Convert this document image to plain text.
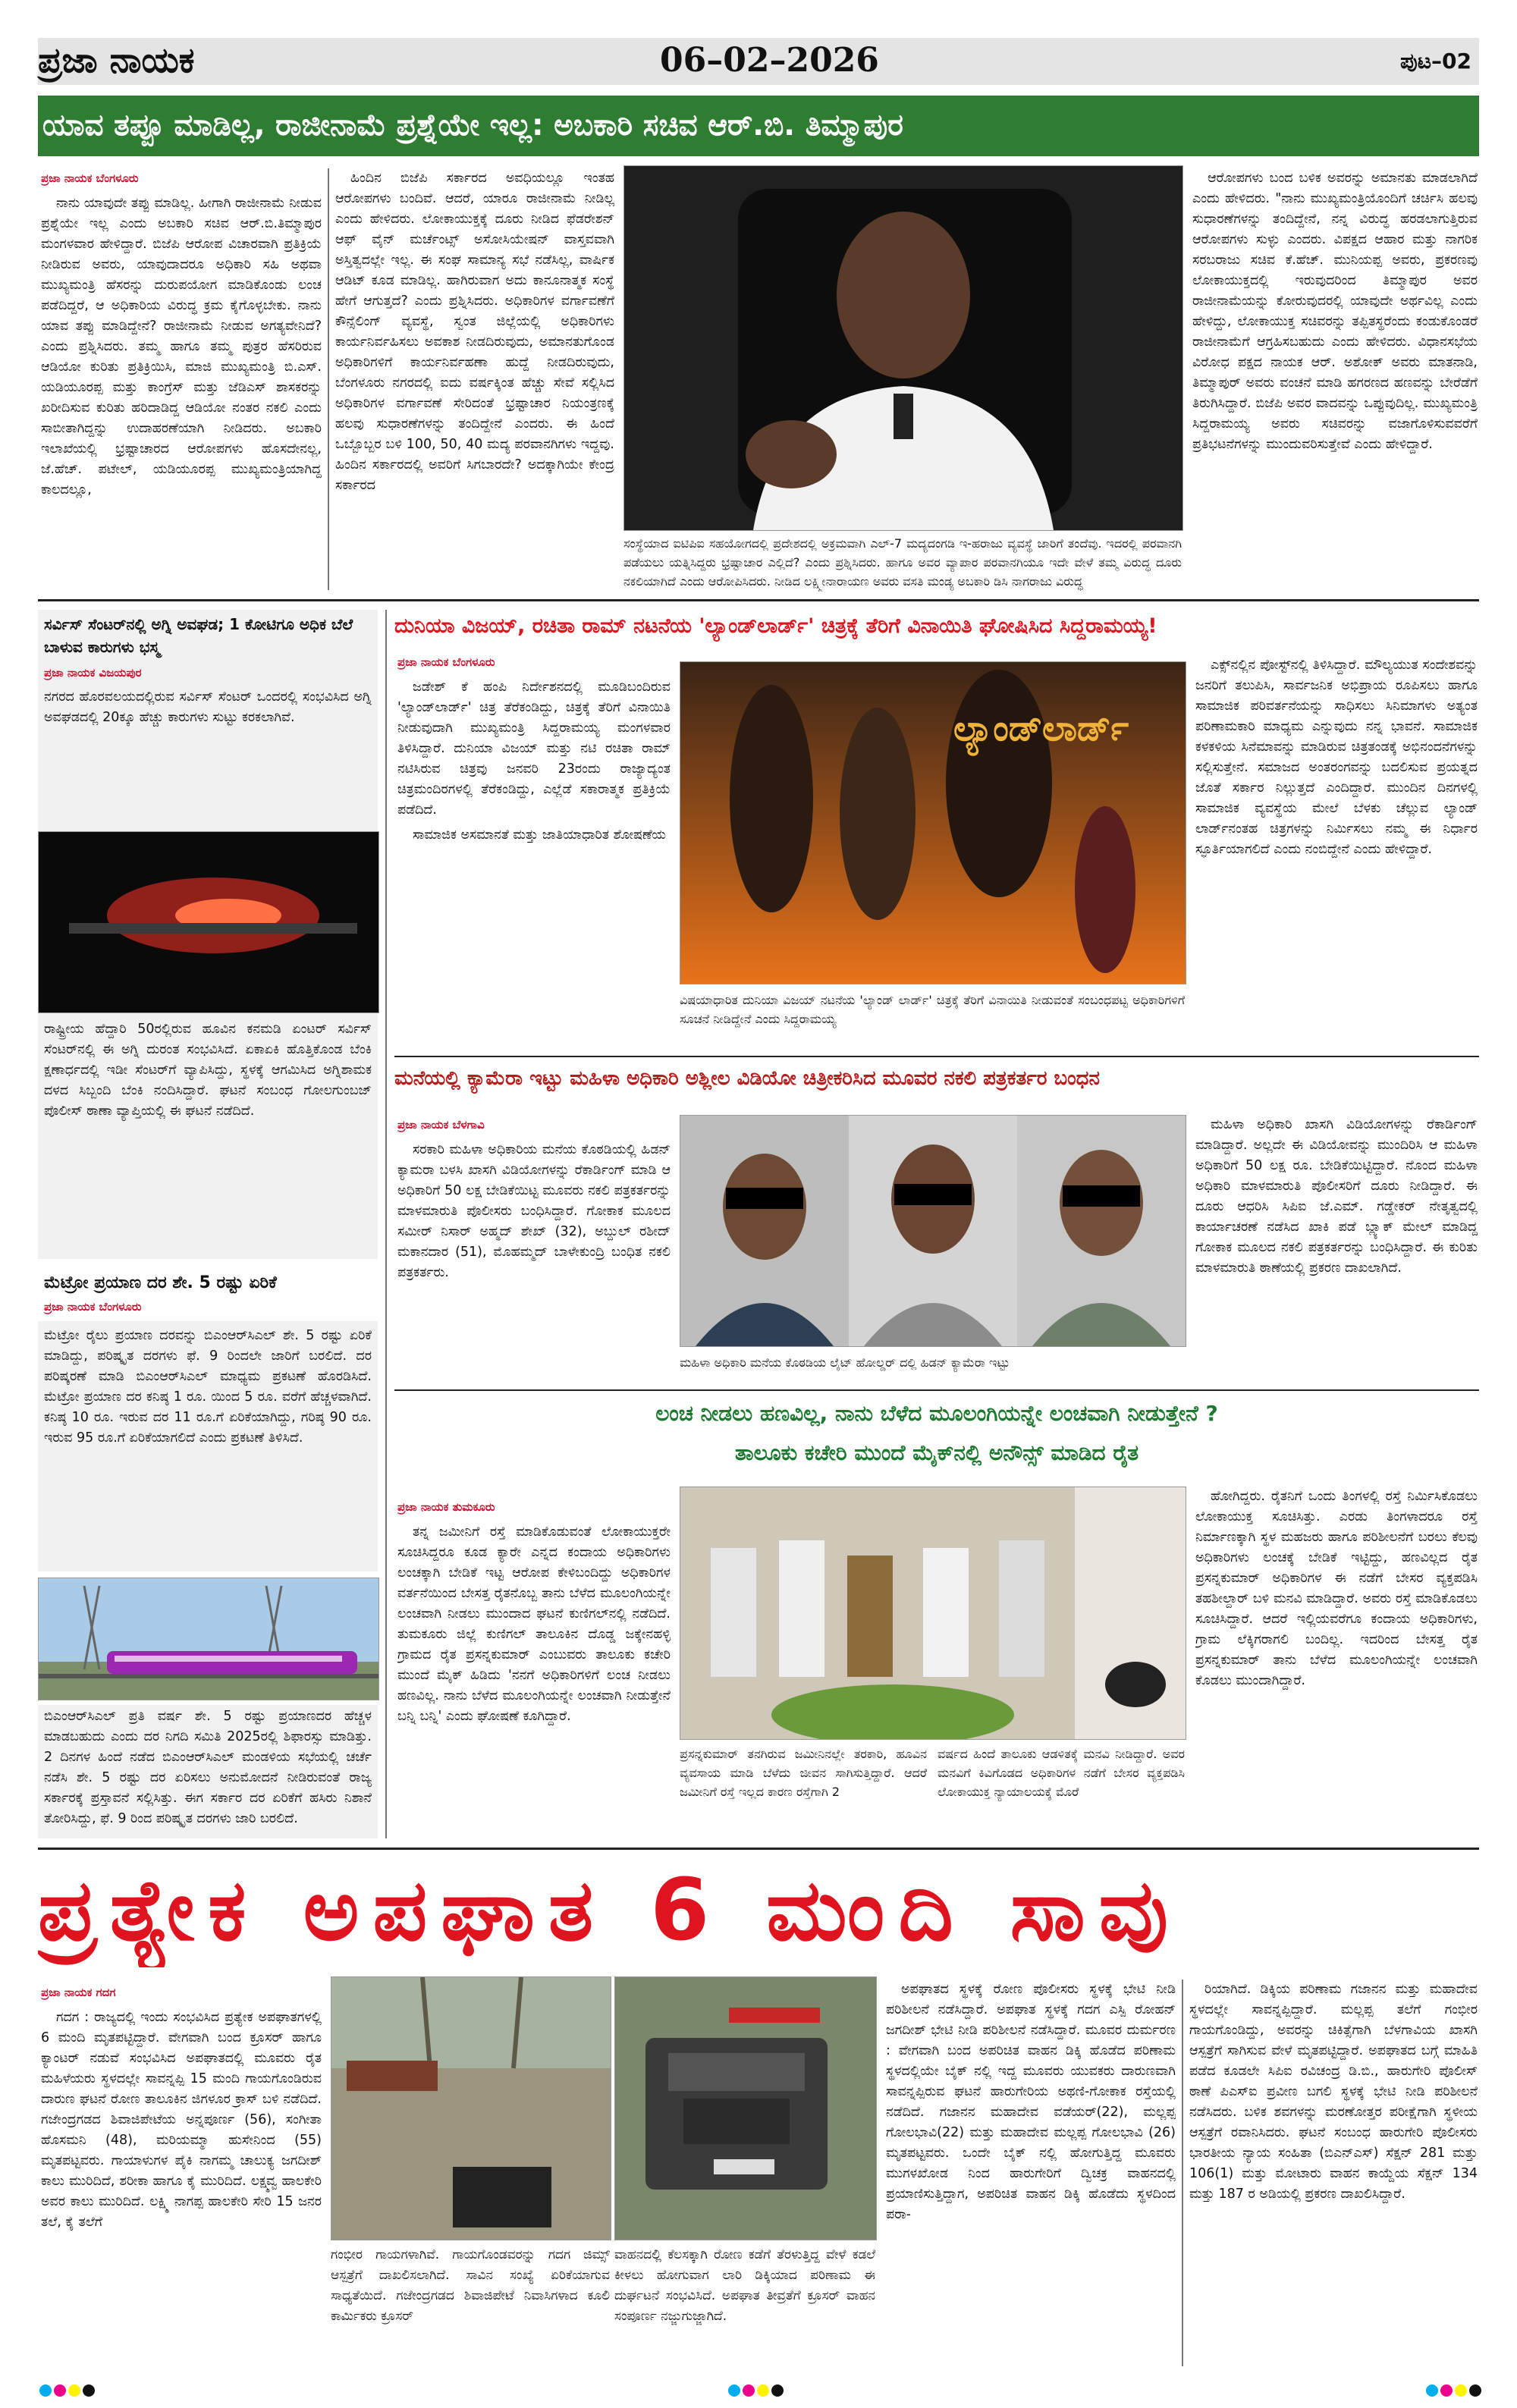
ಪ್ರಜಾ ನಾಯಕ	06–02–2026	ಪುಟ–02
ಯಾವ ತಪ್ಪೂ ಮಾಡಿಲ್ಲ, ರಾಜೀನಾಮೆ ಪ್ರಶ್ನೆಯೇ ಇಲ್ಲ: ಅಬಕಾರಿ ಸಚಿವ ಆರ್.ಬಿ. ತಿಮ್ಮಾಪುರ
ಪ್ರಜಾ ನಾಯಕ ಬೆಂಗಳೂರು

ನಾನು ಯಾವುದೇ ತಪ್ಪು ಮಾಡಿಲ್ಲ. ಹೀಗಾಗಿ ರಾಜೀನಾಮೆ ನೀಡುವ ಪ್ರಶ್ನೆಯೇ ಇಲ್ಲ ಎಂದು ಅಬಕಾರಿ ಸಚಿವ ಆರ್.ಬಿ.ತಿಮ್ಮಾಪುರ ಮಂಗಳವಾರ ಹೇಳಿದ್ದಾರೆ. ಬಿಜೆಪಿ ಆರೋಪ ವಿಚಾರವಾಗಿ ಪ್ರತಿಕ್ರಿಯೆ ನೀಡಿರುವ ಅವರು, ಯಾವುದಾದರೂ ಅಧಿಕಾರಿ ಸಹಿ ಅಥವಾ ಮುಖ್ಯಮಂತ್ರಿ ಹೆಸರನ್ನು ದುರುಪಯೋಗ ಮಾಡಿಕೊಂಡು ಲಂಚ ಪಡೆದಿದ್ದರೆ, ಆ ಅಧಿಕಾರಿಯ ವಿರುದ್ಧ ಕ್ರಮ ಕೈಗೊಳ್ಳಬೇಕು. ನಾನು ಯಾವ ತಪ್ಪು ಮಾಡಿದ್ದೇನೆ? ರಾಜೀನಾಮೆ ನೀಡುವ ಅಗತ್ಯವೇನಿದೆ? ಎಂದು ಪ್ರಶ್ನಿಸಿದರು. ತಮ್ಮ ಹಾಗೂ ತಮ್ಮ ಪುತ್ರರ ಹೆಸರಿರುವ ಆಡಿಯೋ ಕುರಿತು ಪ್ರತಿಕ್ರಿಯಿಸಿ, ಮಾಜಿ ಮುಖ್ಯಮಂತ್ರಿ ಬಿ.ಎಸ್. ಯಡಿಯೂರಪ್ಪ ಮತ್ತು ಕಾಂಗ್ರೆಸ್ ಮತ್ತು ಜೆಡಿಎಸ್ ಶಾಸಕರನ್ನು ಖರೀದಿಸುವ ಕುರಿತು ಹರಿದಾಡಿದ್ದ ಆಡಿಯೋ ನಂತರ ನಕಲಿ ಎಂದು ಸಾಬೀತಾಗಿದ್ದನ್ನು ಉದಾಹರಣೆಯಾಗಿ ನೀಡಿದರು. ಅಬಕಾರಿ ಇಲಾಖೆಯಲ್ಲಿ ಭ್ರಷ್ಟಾಚಾರದ ಆರೋಪಗಳು ಹೊಸದೇನಲ್ಲ, ಜೆ.ಹೆಚ್. ಪಟೇಲ್, ಯಡಿಯೂರಪ್ಪ ಮುಖ್ಯಮಂತ್ರಿಯಾಗಿದ್ದ ಕಾಲದಲ್ಲೂ,

ಹಿಂದಿನ ಬಿಜೆಪಿ ಸರ್ಕಾರದ ಅವಧಿಯಲ್ಲೂ ಇಂತಹ ಆರೋಪಗಳು ಬಂದಿವೆ. ಆದರೆ, ಯಾರೂ ರಾಜೀನಾಮೆ ನೀಡಿಲ್ಲ ಎಂದು ಹೇಳಿದರು. ಲೋಕಾಯುಕ್ತಕ್ಕೆ ದೂರು ನೀಡಿದ ಫೆಡರೇಶನ್ ಆಫ್ ವೈನ್ ಮರ್ಚೆಂಟ್ಸ್ ಅಸೋಸಿಯೇಷನ್ ವಾಸ್ತವವಾಗಿ ಅಸ್ತಿತ್ವದಲ್ಲೇ ಇಲ್ಲ. ಈ ಸಂಘ ಸಾಮಾನ್ಯ ಸಭೆ ನಡೆಸಿಲ್ಲ, ವಾರ್ಷಿಕ ಆಡಿಟ್ ಕೂಡ ಮಾಡಿಲ್ಲ. ಹಾಗಿರುವಾಗ ಅದು ಕಾನೂನಾತ್ಮಕ ಸಂಸ್ಥೆ ಹೇಗೆ ಆಗುತ್ತದೆ? ಎಂದು ಪ್ರಶ್ನಿಸಿದರು. ಅಧಿಕಾರಿಗಳ ವರ್ಗಾವಣೆಗೆ ಕೌನ್ಸೆಲಿಂಗ್ ವ್ಯವಸ್ಥೆ, ಸ್ವಂತ ಜಿಲ್ಲೆಯಲ್ಲಿ ಅಧಿಕಾರಿಗಳು ಕಾರ್ಯನಿರ್ವಹಿಸಲು ಅವಕಾಶ ನೀಡದಿರುವುದು, ಅಮಾನತುಗೊಂಡ ಅಧಿಕಾರಿಗಳಿಗೆ ಕಾರ್ಯನಿರ್ವಹಣಾ ಹುದ್ದೆ ನೀಡದಿರುವುದು, ಬೆಂಗಳೂರು ನಗರದಲ್ಲಿ ಐದು ವರ್ಷಕ್ಕಿಂತ ಹೆಚ್ಚು ಸೇವೆ ಸಲ್ಲಿಸಿದ ಅಧಿಕಾರಿಗಳ ವರ್ಗಾವಣೆ ಸೇರಿದಂತೆ ಭ್ರಷ್ಟಾಚಾರ ನಿಯಂತ್ರಣಕ್ಕೆ ಹಲವು ಸುಧಾರಣೆಗಳನ್ನು ತಂದಿದ್ದೇನೆ ಎಂದರು. ಈ ಹಿಂದೆ ಒಬ್ಬೊಬ್ಬರ ಬಳಿ 100, 50, 40 ಮದ್ಯ ಪರವಾನಗಿಗಳು ಇದ್ದವು. ಹಿಂದಿನ ಸರ್ಕಾರದಲ್ಲಿ ಅವರಿಗೆ ಸಿಗಬಾರದೇ? ಅದಕ್ಕಾಗಿಯೇ ಕೇಂದ್ರ ಸರ್ಕಾರದ

ಸಂಸ್ಥೆಯಾದ ಐಟಿಪಿಐ ಸಹಯೋಗದಲ್ಲಿ ಪ್ರದೇಶದಲ್ಲಿ ಅಕ್ರಮವಾಗಿ ಎಲ್-7 ಮದ್ಯದಂಗಡಿ ಇ-ಹರಾಜು ವ್ಯವಸ್ಥೆ ಜಾರಿಗೆ ತಂದೆವು. ಇದರಲ್ಲಿ ಪರವಾನಗಿ ಪಡೆಯಲು ಯತ್ನಿಸಿದ್ದರು ಭ್ರಷ್ಟಾಚಾರ ಎಲ್ಲಿದೆ? ಎಂದು ಪ್ರಶ್ನಿಸಿದರು. ಹಾಗೂ ಅವರ ವ್ಯಾಪಾರ ಪರವಾನಗಿಯೂ ಇದೇ ವೇಳೆ ತಮ್ಮ ವಿರುದ್ಧ ದೂರು ನಕಲಿಯಾಗಿದೆ ಎಂದು ಆರೋಪಿಸಿದರು. ನೀಡಿದ ಲಕ್ಷ್ಮೀನಾರಾಯಣ ಅವರು ವಸತಿ ಮಂಡ್ಯ ಅಬಕಾರಿ ಡಿಸಿ ನಾಗರಾಜು ವಿರುದ್ಧ

ಆರೋಪಗಳು ಬಂದ ಬಳಿಕ ಅವರನ್ನು ಅಮಾನತು ಮಾಡಲಾಗಿದೆ ಎಂದು ಹೇಳಿದರು. "ನಾನು ಮುಖ್ಯಮಂತ್ರಿಯೊಂದಿಗೆ ಚರ್ಚಿಸಿ ಹಲವು ಸುಧಾರಣೆಗಳನ್ನು ತಂದಿದ್ದೇನೆ, ನನ್ನ ವಿರುದ್ಧ ಹರಡಲಾಗುತ್ತಿರುವ ಆರೋಪಗಳು ಸುಳ್ಳು ಎಂದರು. ವಿಪಕ್ಷದ ಆಹಾರ ಮತ್ತು ನಾಗರಿಕ ಸರಬರಾಜು ಸಚಿವ ಕೆ.ಹೆಚ್. ಮುನಿಯಪ್ಪ ಅವರು, ಪ್ರಕರಣವು ಲೋಕಾಯುಕ್ತದಲ್ಲಿ ಇರುವುದರಿಂದ ತಿಮ್ಮಾಪುರ ಅವರ ರಾಜೀನಾಮೆಯನ್ನು ಕೋರುವುದರಲ್ಲಿ ಯಾವುದೇ ಅರ್ಥವಿಲ್ಲ ಎಂದು ಹೇಳಿದ್ದು, ಲೋಕಾಯುಕ್ತ ಸಚಿವರನ್ನು ತಪ್ಪಿತಸ್ಥರೆಂದು ಕಂಡುಕೊಂಡರೆ ರಾಜೀನಾಮೆಗೆ ಆಗ್ರಹಿಸಬಹುದು ಎಂದು ಹೇಳಿದರು. ವಿಧಾನಸಭೆಯ ವಿರೋಧ ಪಕ್ಷದ ನಾಯಕ ಆರ್. ಅಶೋಕ್ ಅವರು ಮಾತನಾಡಿ, ತಿಮ್ಮಾಪುರ್ ಅವರು ವಂಚನೆ ಮಾಡಿ ಹಗರಣದ ಹಣವನ್ನು ಬೇರೆಡೆಗೆ ತಿರುಗಿಸಿದ್ದಾರೆ. ಬಿಜೆಪಿ ಅವರ ವಾದವನ್ನು ಒಪ್ಪುವುದಿಲ್ಲ. ಮುಖ್ಯಮಂತ್ರಿ ಸಿದ್ದರಾಮಯ್ಯ ಅವರು ಸಚಿವರನ್ನು ವಜಾಗೊಳಿಸುವವರೆಗೆ ಪ್ರತಿಭಟನೆಗಳನ್ನು ಮುಂದುವರಿಸುತ್ತೇವೆ ಎಂದು ಹೇಳಿದ್ದಾರೆ.

ಸರ್ವಿಸ್ ಸೆಂಟರ್‌ನಲ್ಲಿ ಅಗ್ನಿ ಅವಘಡ; 1 ಕೋಟಿಗೂ ಅಧಿಕ ಬೆಲೆ ಬಾಳುವ ಕಾರುಗಳು ಭಸ್ಮ
ಪ್ರಜಾ ನಾಯಕ ವಿಜಯಪುರ
ನಗರದ ಹೊರವಲಯದಲ್ಲಿರುವ ಸರ್ವಿಸ್ ಸೆಂಟರ್ ಒಂದರಲ್ಲಿ ಸಂಭವಿಸಿದ ಅಗ್ನಿ ಅವಘಡದಲ್ಲಿ 20ಕ್ಕೂ ಹೆಚ್ಚು ಕಾರುಗಳು ಸುಟ್ಟು ಕರಕಲಾಗಿವೆ.
ರಾಷ್ಟ್ರೀಯ ಹೆದ್ದಾರಿ 50ರಲ್ಲಿರುವ ಹೂವಿನ ಕನಮಡಿ ಏಂಟರ್ ಸರ್ವಿಸ್ ಸೆಂಟರ್‌ನಲ್ಲಿ ಈ ಅಗ್ನಿ ದುರಂತ ಸಂಭವಿಸಿದೆ. ಏಕಾಏಕಿ ಹೊತ್ತಿಕೊಂಡ ಬೆಂಕಿ ಕ್ಷಣಾರ್ಧದಲ್ಲಿ ಇಡೀ ಸೆಂಟರ್‌ಗೆ ವ್ಯಾಪಿಸಿದ್ದು, ಸ್ಥಳಕ್ಕೆ ಆಗಮಿಸಿದ ಅಗ್ನಿಶಾಮಕ ದಳದ ಸಿಬ್ಬಂದಿ ಬೆಂಕಿ ನಂದಿಸಿದ್ದಾರೆ. ಘಟನೆ ಸಂಬಂಧ ಗೋಲಗುಂಬಜ್ ಪೊಲೀಸ್ ಠಾಣಾ ವ್ಯಾಪ್ತಿಯಲ್ಲಿ ಈ ಘಟನೆ ನಡೆದಿದೆ.
ದುನಿಯಾ ವಿಜಯ್, ರಚಿತಾ ರಾಮ್ ನಟನೆಯ 'ಲ್ಯಾಂಡ್‌ಲಾರ್ಡ್' ಚಿತ್ರಕ್ಕೆ ತೆರಿಗೆ ವಿನಾಯಿತಿ ಘೋಷಿಸಿದ ಸಿದ್ದರಾಮಯ್ಯ!
ಪ್ರಜಾ ನಾಯಕ ಬೆಂಗಳೂರು

ಜಡೇಶ್ ಕೆ ಹಂಪಿ ನಿರ್ದೇಶನದಲ್ಲಿ ಮೂಡಿಬಂದಿರುವ 'ಲ್ಯಾಂಡ್‌ಲಾರ್ಡ್' ಚಿತ್ರ ತೆರೆಕಂಡಿದ್ದು, ಚಿತ್ರಕ್ಕೆ ತೆರಿಗೆ ವಿನಾಯಿತಿ ನೀಡುವುದಾಗಿ ಮುಖ್ಯಮಂತ್ರಿ ಸಿದ್ದರಾಮಯ್ಯ ಮಂಗಳವಾರ ತಿಳಿಸಿದ್ದಾರೆ. ದುನಿಯಾ ವಿಜಯ್ ಮತ್ತು ನಟಿ ರಚಿತಾ ರಾಮ್ ನಟಿಸಿರುವ ಚಿತ್ರವು ಜನವರಿ 23ರಂದು ರಾಜ್ಯಾದ್ಯಂತ ಚಿತ್ರಮಂದಿರಗಳಲ್ಲಿ ತೆರೆಕಂಡಿದ್ದು, ಎಲ್ಲೆಡೆ ಸಕಾರಾತ್ಮಕ ಪ್ರತಿಕ್ರಿಯೆ ಪಡೆದಿದೆ.

ಸಾಮಾಜಿಕ ಅಸಮಾನತೆ ಮತ್ತು ಜಾತಿಯಾಧಾರಿತ ಶೋಷಣೆಯ

ಲ್ಯಾಂಡ್‌ಲಾರ್ಡ್
ವಿಷಯಾಧಾರಿತ ದುನಿಯಾ ವಿಜಯ್ ನಟನೆಯ 'ಲ್ಯಾಂಡ್ ಲಾರ್ಡ್' ಚಿತ್ರಕ್ಕೆ ತೆರಿಗೆ ವಿನಾಯಿತಿ ನೀಡುವಂತೆ ಸಂಬಂಧಪಟ್ಟ ಅಧಿಕಾರಿಗಳಿಗೆ ಸೂಚನೆ ನೀಡಿದ್ದೇನೆ ಎಂದು ಸಿದ್ದರಾಮಯ್ಯ

ಎಕ್ಸ್‌ನಲ್ಲಿನ ಪೋಸ್ಟ್‌ನಲ್ಲಿ ತಿಳಿಸಿದ್ದಾರೆ. ಮೌಲ್ಯಯುತ ಸಂದೇಶವನ್ನು ಜನರಿಗೆ ತಲುಪಿಸಿ, ಸಾರ್ವಜನಿಕ ಅಭಿಪ್ರಾಯ ರೂಪಿಸಲು ಹಾಗೂ ಸಾಮಾಜಿಕ ಪರಿವರ್ತನೆಯನ್ನು ಸಾಧಿಸಲು ಸಿನಿಮಾಗಳು ಅತ್ಯಂತ ಪರಿಣಾಮಕಾರಿ ಮಾಧ್ಯಮ ಎನ್ನುವುದು ನನ್ನ ಭಾವನೆ. ಸಾಮಾಜಿಕ ಕಳಕಳಿಯ ಸಿನೆಮಾವನ್ನು ಮಾಡಿರುವ ಚಿತ್ರತಂಡಕ್ಕೆ ಅಭಿನಂದನೆಗಳನ್ನು ಸಲ್ಲಿಸುತ್ತೇನೆ. ಸಮಾಜದ ಅಂತರಂಗವನ್ನು ಬದಲಿಸುವ ಪ್ರಯತ್ನದ ಜೊತೆ ಸರ್ಕಾರ ನಿಲ್ಲುತ್ತದೆ ಎಂದಿದ್ದಾರೆ. ಮುಂದಿನ ದಿನಗಳಲ್ಲಿ ಸಾಮಾಜಿಕ ವ್ಯವಸ್ಥೆಯ ಮೇಲೆ ಬೆಳಕು ಚೆಲ್ಲುವ ಲ್ಯಾಂಡ್ ಲಾರ್ಡ್‌ನಂತಹ ಚಿತ್ರಗಳನ್ನು ನಿರ್ಮಿಸಲು ನಮ್ಮ ಈ ನಿರ್ಧಾರ ಸ್ಫೂರ್ತಿಯಾಗಲಿದೆ ಎಂದು ನಂಬಿದ್ದೇನೆ ಎಂದು ಹೇಳಿದ್ದಾರೆ.

ಮನೆಯಲ್ಲಿ ಕ್ಯಾಮೆರಾ ಇಟ್ಟು ಮಹಿಳಾ ಅಧಿಕಾರಿ ಅಶ್ಲೀಲ ವಿಡಿಯೋ ಚಿತ್ರೀಕರಿಸಿದ ಮೂವರ ನಕಲಿ ಪತ್ರಕರ್ತರ ಬಂಧನ
ಪ್ರಜಾ ನಾಯಕ ಬೆಳಗಾವಿ

ಸರಕಾರಿ ಮಹಿಳಾ ಅಧಿಕಾರಿಯ ಮನೆಯ ಕೊಠಡಿಯಲ್ಲಿ ಹಿಡನ್ ಕ್ಯಾಮರಾ ಬಳಸಿ ಖಾಸಗಿ ವಿಡಿಯೋಗಳನ್ನು ರೆಕಾರ್ಡಿಂಗ್ ಮಾಡಿ ಆ ಅಧಿಕಾರಿಗೆ 50 ಲಕ್ಷ ಬೇಡಿಕೆಯಿಟ್ಟ ಮೂವರು ನಕಲಿ ಪತ್ರಕರ್ತರನ್ನು ಮಾಳಮಾರುತಿ ಪೊಲೀಸರು ಬಂಧಿಸಿದ್ದಾರೆ. ಗೋಕಾಕ ಮೂಲದ ಸಮೀರ್ ನಿಸಾರ್ ಅಹ್ಮದ್ ಶೇಖ್ (32), ಅಬ್ದುಲ್ ರಶೀದ್ ಮಕಾನದಾರ (51), ಮೊಹಮ್ಮದ್ ಬಾಳೇಕುಂದ್ರಿ ಬಂಧಿತ ನಕಲಿ ಪತ್ರಕರ್ತರು.

ಮಹಿಳಾ ಅಧಿಕಾರಿ ಮನೆಯ ಕೊಠಡಿಯ ಲೈಟ್ ಹೋಲ್ಡರ್‌ ದಲ್ಲಿ ಹಿಡನ್ ಕ್ಯಾಮೆರಾ ಇಟ್ಟು

ಮಹಿಳಾ ಅಧಿಕಾರಿ ಖಾಸಗಿ ವಿಡಿಯೋಗಳನ್ನು ರೆಕಾರ್ಡಿಂಗ್ ಮಾಡಿದ್ದಾರೆ. ಅಲ್ಲದೇ ಈ ವಿಡಿಯೋವನ್ನು ಮುಂದಿರಿಸಿ ಆ ಮಹಿಳಾ ಅಧಿಕಾರಿಗೆ 50 ಲಕ್ಷ ರೂ. ಬೇಡಿಕೆಯಿಟ್ಟಿದ್ದಾರೆ. ನೊಂದ ಮಹಿಳಾ ಅಧಿಕಾರಿ ಮಾಳಮಾರುತಿ ಪೊಲೀಸರಿಗೆ ದೂರು ನೀಡಿದ್ದಾರೆ. ಈ ದೂರು ಆಧರಿಸಿ ಸಿಪಿಐ ಜೆ.ಎಮ್. ಗಡ್ಡೇಕರ್ ನೇತೃತ್ವದಲ್ಲಿ ಕಾರ್ಯಾಚರಣೆ ನಡೆಸಿದ ಖಾಕಿ ಪಡೆ ಬ್ಲ್ಯಾಕ್ ಮೇಲ್ ಮಾಡಿದ್ದ ಗೋಕಾಕ ಮೂಲದ ನಕಲಿ ಪತ್ರಕರ್ತರನ್ನು ಬಂಧಿಸಿದ್ದಾರೆ. ಈ ಕುರಿತು ಮಾಳಮಾರುತಿ ಠಾಣೆಯಲ್ಲಿ ಪ್ರಕರಣ ದಾಖಲಾಗಿದೆ.

ಮೆಟ್ರೋ ಪ್ರಯಾಣ ದರ ಶೇ. 5 ರಷ್ಟು ಏರಿಕೆ
ಪ್ರಜಾ ನಾಯಕ ಬೆಂಗಳೂರು
ಮೆಟ್ರೋ ರೈಲು ಪ್ರಯಾಣ ದರವನ್ನು ಬಿಎಂಆರ್‌ಸಿಎಲ್ ಶೇ. 5 ರಷ್ಟು ಏರಿಕೆ ಮಾಡಿದ್ದು, ಪರಿಷ್ಕೃತ ದರಗಳು ಫೆ. 9 ರಿಂದಲೇ ಜಾರಿಗೆ ಬರಲಿದೆ. ದರ ಪರಿಷ್ಕರಣೆ ಮಾಡಿ ಬಿಎಂಆರ್‌ಸಿಎಲ್ ಮಾಧ್ಯಮ ಪ್ರಕಟಣೆ ಹೊರಡಿಸಿದೆ. ಮೆಟ್ರೋ ಪ್ರಯಾಣ ದರ ಕನಿಷ್ಠ 1 ರೂ. ಯಿಂದ 5 ರೂ. ವರೆಗೆ ಹೆಚ್ಚಳವಾಗಿದೆ. ಕನಿಷ್ಠ 10 ರೂ. ಇರುವ ದರ 11 ರೂ.ಗೆ ಏರಿಕೆಯಾಗಿದ್ದು, ಗರಿಷ್ಠ 90 ರೂ. ಇರುವ 95 ರೂ.ಗೆ ಏರಿಕೆಯಾಗಲಿದೆ ಎಂದು ಪ್ರಕಟಣೆ ತಿಳಿಸಿದೆ.
ಬಿಎಂಆರ್‌ಸಿಎಲ್ ಪ್ರತಿ ವರ್ಷ ಶೇ. 5 ರಷ್ಟು ಪ್ರಯಾಣದರ ಹೆಚ್ಚಳ ಮಾಡಬಹುದು ಎಂದು ದರ ನಿಗದಿ ಸಮಿತಿ 2025ರಲ್ಲಿ ಶಿಫಾರಸ್ಸು ಮಾಡಿತ್ತು. 2 ದಿನಗಳ ಹಿಂದೆ ನಡೆದ ಬಿಎಂಆರ್‌ಸಿಎಲ್ ಮಂಡಳಿಯ ಸಭೆಯಲ್ಲಿ ಚರ್ಚೆ ನಡೆಸಿ ಶೇ. 5 ರಷ್ಟು ದರ ಏರಿಸಲು ಅನುಮೋದನೆ ನೀಡಿರುವಂತೆ ರಾಜ್ಯ ಸರ್ಕಾರಕ್ಕೆ ಪ್ರಸ್ತಾವನೆ ಸಲ್ಲಿಸಿತ್ತು. ಈಗ ಸರ್ಕಾರ ದರ ಏರಿಕೆಗೆ ಹಸಿರು ನಿಶಾನೆ ತೋರಿಸಿದ್ದು, ಫೆ. 9 ರಿಂದ ಪರಿಷ್ಕೃತ ದರಗಳು ಜಾರಿ ಬರಲಿದೆ.
ಲಂಚ ನೀಡಲು ಹಣವಿಲ್ಲ, ನಾನು ಬೆಳೆದ ಮೂಲಂಗಿಯನ್ನೇ ಲಂಚವಾಗಿ ನೀಡುತ್ತೇನೆ ?
ತಾಲೂಕು ಕಚೇರಿ ಮುಂದೆ ಮೈಕ್‌ನಲ್ಲಿ ಅನೌನ್ಸ್ ಮಾಡಿದ ರೈತ
ಪ್ರಜಾ ನಾಯಕ ತುಮಕೂರು

ತನ್ನ ಜಮೀನಿಗೆ ರಸ್ತೆ ಮಾಡಿಕೊಡುವಂತೆ ಲೋಕಾಯುಕ್ತರೇ ಸೂಚಿಸಿದ್ದರೂ ಕೂಡ ಕ್ಯಾರೇ ಎನ್ನದ ಕಂದಾಯ ಅಧಿಕಾರಿಗಳು ಲಂಚಕ್ಕಾಗಿ ಬೇಡಿಕೆ ಇಟ್ಟ ಆರೋಪ ಕೇಳಿಬಂದಿದ್ದು ಅಧಿಕಾರಿಗಳ ವರ್ತನೆಯಿಂದ ಬೇಸತ್ತ ರೈತನೊಬ್ಬ ತಾನು ಬೆಳೆದ ಮೂಲಂಗಿಯನ್ನೇ ಲಂಚವಾಗಿ ನೀಡಲು ಮುಂದಾದ ಘಟನೆ ಕುಣಿಗಲ್‌ನಲ್ಲಿ ನಡೆದಿದೆ. ತುಮಕೂರು ಜಿಲ್ಲೆ ಕುಣಿಗಲ್ ತಾಲೂಕಿನ ದೊಡ್ಡ ಜಕ್ಕೇನಹಳ್ಳಿ ಗ್ರಾಮದ ರೈತ ಪ್ರಸನ್ನಕುಮಾರ್ ಎಂಬುವರು ತಾಲೂಕು ಕಚೇರಿ ಮುಂದೆ ಮೈಕ್ ಹಿಡಿದು 'ನನಗೆ ಅಧಿಕಾರಿಗಳಿಗೆ ಲಂಚ ನೀಡಲು ಹಣವಿಲ್ಲ. ನಾನು ಬೆಳೆದ ಮೂಲಂಗಿಯನ್ನೇ ಲಂಚವಾಗಿ ನೀಡುತ್ತೇನೆ ಬನ್ನಿ ಬನ್ನಿ' ಎಂದು ಘೋಷಣೆ ಕೂಗಿದ್ದಾರೆ.

ಪ್ರಸನ್ನಕುಮಾರ್ ತನಗಿರುವ ಜಮೀನಿನಲ್ಲೇ ತರಕಾರಿ, ಹೂವಿನ ವ್ಯವಸಾಯ ಮಾಡಿ ಬೆಳೆದು ಜೀವನ ಸಾಗಿಸುತ್ತಿದ್ದಾರೆ. ಆದರೆ ಜಮೀನಿಗೆ ರಸ್ತೆ ಇಲ್ಲದ ಕಾರಣ ರಸ್ತೆಗಾಗಿ 2
ವರ್ಷದ ಹಿಂದೆ ತಾಲೂಕು ಆಡಳಿತಕ್ಕೆ ಮನವಿ ನೀಡಿದ್ದಾರೆ. ಅವರ ಮನವಿಗೆ ಕಿವಿಗೊಡದ ಅಧಿಕಾರಿಗಳ ನಡೆಗೆ ಬೇಸರ ವ್ಯಕ್ತಪಡಿಸಿ ಲೋಕಾಯುಕ್ತ ನ್ಯಾಯಾಲಯಕ್ಕೆ ಮೊರೆ

ಹೋಗಿದ್ದರು. ರೈತನಿಗೆ ಒಂದು ತಿಂಗಳಲ್ಲಿ ರಸ್ತೆ ನಿರ್ಮಿಸಿಕೊಡಲು ಲೋಕಾಯುಕ್ತ ಸೂಚಿಸಿತ್ತು. ಎರಡು ತಿಂಗಳಾದರೂ ರಸ್ತೆ ನಿರ್ಮಾಣಕ್ಕಾಗಿ ಸ್ಥಳ ಮಹಜರು ಹಾಗೂ ಪರಿಶೀಲನೆಗೆ ಬರಲು ಕೆಲವು ಅಧಿಕಾರಿಗಳು ಲಂಚಕ್ಕೆ ಬೇಡಿಕೆ ಇಟ್ಟಿದ್ದು, ಹಣವಿಲ್ಲದ ರೈತ ಪ್ರಸನ್ನಕುಮಾರ್ ಅಧಿಕಾರಿಗಳ ಈ ನಡೆಗೆ ಬೇಸರ ವ್ಯಕ್ತಪಡಿಸಿ ತಹಶೀಲ್ದಾರ್ ಬಳಿ ಮನವಿ ಮಾಡಿದ್ದಾರೆ. ಅವರು ರಸ್ತೆ ಮಾಡಿಕೊಡಲು ಸೂಚಿಸಿದ್ದಾರೆ. ಆದರೆ ಇಲ್ಲಿಯವರೆಗೂ ಕಂದಾಯ ಅಧಿಕಾರಿಗಳು, ಗ್ರಾಮ ಲೆಕ್ಕಿಗರಾಗಲಿ ಬಂದಿಲ್ಲ. ಇದರಿಂದ ಬೇಸತ್ತ ರೈತ ಪ್ರಸನ್ನಕುಮಾರ್ ತಾನು ಬೆಳೆದ ಮೂಲಂಗಿಯನ್ನೇ ಲಂಚವಾಗಿ ಕೊಡಲು ಮುಂದಾಗಿದ್ದಾರೆ.

ಪ್ರತ್ಯೇಕ ಅಪಘಾತ 6 ಮಂದಿ ಸಾವು
ಪ್ರಜಾ ನಾಯಕ ಗದಗ

ಗದಗ : ರಾಜ್ಯದಲ್ಲಿ ಇಂದು ಸಂಭವಿಸಿದ ಪ್ರತ್ಯೇಕ ಅಪಘಾತಗಳಲ್ಲಿ 6 ಮಂದಿ ಮೃತಪಟ್ಟಿದ್ದಾರೆ. ವೇಗವಾಗಿ ಬಂದ ಕ್ರೂಸರ್ ಹಾಗೂ ಕ್ಯಾಂಟರ್ ನಡುವೆ ಸಂಭವಿಸಿದ ಅಪಘಾತದಲ್ಲಿ ಮೂವರು ರೈತ ಮಹಿಳೆಯರು ಸ್ಥಳದಲ್ಲೇ ಸಾವನ್ನಪ್ಪಿ 15 ಮಂದಿ ಗಾಯಗೊಂಡಿರುವ ದಾರುಣ ಘಟನೆ ರೋಣ ತಾಲೂಕಿನ ಜಿಗಳೂರ ಕ್ರಾಸ್ ಬಳಿ ನಡೆದಿದೆ. ಗಜೇಂದ್ರಗಡದ ಶಿವಾಜಿಪೇಟೆಯ ಅನ್ನಪೂರ್ಣ (56), ಸಂಗೀತಾ ಹೊಸಮನಿ (48), ಮರಿಯಮ್ಮಾ ಹುಸೇನಿಂದ (55) ಮೃತಪಟ್ಟವರು. ಗಾಯಾಳುಗಳ ಪೈಕಿ ನಾಗಮ್ಮ ಚಾಲುಕ್ಯ ಜಗದೀಶ್ ಕಾಲು ಮುರಿದಿದೆ, ಶರೀಕಾ ಹಾಗೂ ಕೈ ಮುರಿದಿದೆ. ಲಕ್ಷ್ಮವ್ವ ಹಾಲಕೇರಿ ಅವರ ಕಾಲು ಮುರಿದಿದೆ. ಲಕ್ಷ್ಮಿ ನಾಗಪ್ಪ ಹಾಲಕೇರಿ ಸೇರಿ 15 ಜನರ ತಲೆ, ಕೈ ತಲೆಗೆ

ಗಂಭೀರ ಗಾಯಗಳಾಗಿವೆ. ಗಾಯಗೊಂಡವರನ್ನು ಗದಗ ಜಿಮ್ಸ್ ಆಸ್ಪತ್ರೆಗೆ ದಾಖಲಿಸಲಾಗಿದೆ. ಸಾವಿನ ಸಂಖ್ಯೆ ಏರಿಕೆಯಾಗುವ ಸಾಧ್ಯತೆಯಿದೆ. ಗಜೇಂದ್ರಗಡದ ಶಿವಾಜಿಪೇಟೆ ನಿವಾಸಿಗಳಾದ ಕೂಲಿ ಕಾರ್ಮಿಕರು ಕ್ರೂಸರ್
ವಾಹನದಲ್ಲಿ ಕೆಲಸಕ್ಕಾಗಿ ರೋಣ ಕಡೆಗೆ ತೆರಳುತ್ತಿದ್ದ ವೇಳೆ ಕಡಲೆ ಕೀಳಲು ಹೋಗುವಾಗ ಲಾರಿ ಡಿಕ್ಕಿಯಾದ ಪರಿಣಾಮ ಈ ದುರ್ಘಟನೆ ಸಂಭವಿಸಿದೆ. ಅಪಘಾತ ತೀವ್ರತೆಗೆ ಕ್ರೂಸರ್ ವಾಹನ ಸಂಪೂರ್ಣ ನಜ್ಜುಗುಜ್ಜಾಗಿದೆ.

ಅಪಘಾತದ ಸ್ಥಳಕ್ಕೆ ರೋಣ ಪೊಲೀಸರು ಸ್ಥಳಕ್ಕೆ ಭೇಟಿ ನೀಡಿ ಪರಿಶೀಲನೆ ನಡೆಸಿದ್ದಾರೆ. ಅಪಘಾತ ಸ್ಥಳಕ್ಕೆ ಗದಗ ಎಸ್ಪಿ ರೋಹನ್ ಜಗದೀಶ್ ಭೇಟಿ ನೀಡಿ ಪರಿಶೀಲನೆ ನಡೆಸಿದ್ದಾರೆ. ಮೂವರ ದುರ್ಮರಣ : ವೇಗವಾಗಿ ಬಂದ ಅಪರಿಚಿತ ವಾಹನ ಡಿಕ್ಕಿ ಹೊಡೆದ ಪರಿಣಾಮ ಸ್ಥಳದಲ್ಲಿಯೇ ಬೈಕ್ ನಲ್ಲಿ ಇದ್ದ ಮೂವರು ಯುವಕರು ದಾರುಣವಾಗಿ ಸಾವನ್ನಪ್ಪಿರುವ ಘಟನೆ ಹಾರುಗೇರಿಯ ಅಥಣಿ-ಗೋಕಾಕ ರಸ್ತೆಯಲ್ಲಿ ನಡೆದಿದೆ. ಗಜಾನನ ಮಹಾದೇವ ವಡೆಯರ್(22), ಮಲ್ಲಪ್ಪ ಗೋಲಭಾವಿ(22) ಮತ್ತು ಮಹಾದೇವ ಮಲ್ಲಪ್ಪ ಗೋಲಭಾವಿ (26) ಮೃತಪಟ್ಟವರು. ಒಂದೇ ಬೈಕ್ ನಲ್ಲಿ ಹೋಗುತ್ತಿದ್ದ ಮೂವರು ಮುಗಳಖೋಡ ನಿಂದ ಹಾರುಗೇರಿಗೆ ದ್ವಿಚಕ್ರ ವಾಹನದಲ್ಲಿ ಪ್ರಯಾಣಿಸುತ್ತಿದ್ದಾಗ, ಅಪರಿಚಿತ ವಾಹನ ಡಿಕ್ಕಿ ಹೊಡೆದು ಸ್ಥಳದಿಂದ ಪರಾ-

ರಿಯಾಗಿದೆ. ಡಿಕ್ಕಿಯ ಪರಿಣಾಮ ಗಜಾನನ ಮತ್ತು ಮಹಾದೇವ ಸ್ಥಳದಲ್ಲೇ ಸಾವನ್ನಪ್ಪಿದ್ದಾರೆ. ಮಲ್ಲಪ್ಪ ತಲೆಗೆ ಗಂಭೀರ ಗಾಯಗೊಂಡಿದ್ದು, ಅವರನ್ನು ಚಿಕಿತ್ಸೆಗಾಗಿ ಬೆಳಗಾವಿಯ ಖಾಸಗಿ ಆಸ್ಪತ್ರೆಗೆ ಸಾಗಿಸುವ ವೇಳೆ ಮೃತಪಟ್ಟಿದ್ದಾರೆ. ಅಪಘಾತದ ಬಗ್ಗೆ ಮಾಹಿತಿ ಪಡೆದ ಕೂಡಲೇ ಸಿಪಿಐ ರವಿಚಂದ್ರ ಡಿ.ಬಿ., ಹಾರುಗೇರಿ ಪೊಲೀಸ್ ಠಾಣೆ ಪಿಎಸ್ಐ ಪ್ರವೀಣ ಬಗಲಿ ಸ್ಥಳಕ್ಕೆ ಭೇಟಿ ನೀಡಿ ಪರಿಶೀಲನೆ ನಡೆಸಿದರು. ಬಳಿಕ ಶವಗಳನ್ನು ಮರಣೋತ್ತರ ಪರೀಕ್ಷೆಗಾಗಿ ಸ್ಥಳೀಯ ಆಸ್ಪತ್ರೆಗೆ ರವಾನಿಸಿದರು. ಘಟನೆ ಸಂಬಂಧ ಹಾರುಗೇರಿ ಪೊಲೀಸರು ಭಾರತೀಯ ನ್ಯಾಯ ಸಂಹಿತಾ (ಬಿಎನ್ಎಸ್) ಸೆಕ್ಷನ್ 281 ಮತ್ತು 106(1) ಮತ್ತು ಮೋಟಾರು ವಾಹನ ಕಾಯ್ದೆಯ ಸೆಕ್ಷನ್ 134 ಮತ್ತು 187 ರ ಅಡಿಯಲ್ಲಿ ಪ್ರಕರಣ ದಾಖಲಿಸಿದ್ದಾರೆ.
